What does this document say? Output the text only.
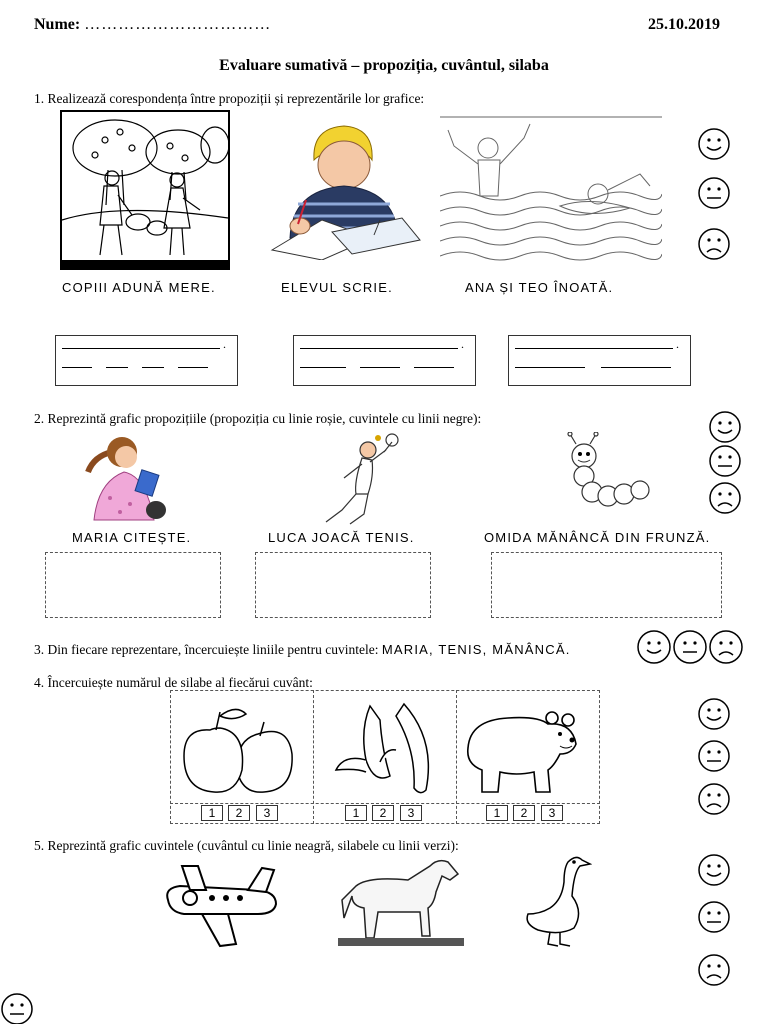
Nume: ……………………………	25.10.2019
Evaluare sumativă – propoziția, cuvântul, silaba
1. Realizează corespondența între propoziții și reprezentările lor grafice:
COPIII ADUNĂ MERE.	ELEVUL SCRIE.	ANA ȘI TEO ÎNOATĂ.
.	.	.
2. Reprezintă grafic propozițiile (propoziția cu linie roșie, cuvintele cu linii negre):
MARIA CITEȘTE.	LUCA JOACĂ TENIS.	OMIDA MĂNÂNCĂ DIN FRUNZĂ.
3. Din fiecare reprezentare, încercuiește liniile pentru cuvintele: MARIA, TENIS, MĂNÂNCĂ.
4. Încercuiește numărul de silabe al fiecărui cuvânt:
1	2	3	1	2	3	1	2	3
5. Reprezintă grafic cuvintele (cuvântul cu linie neagră, silabele cu linii verzi):
